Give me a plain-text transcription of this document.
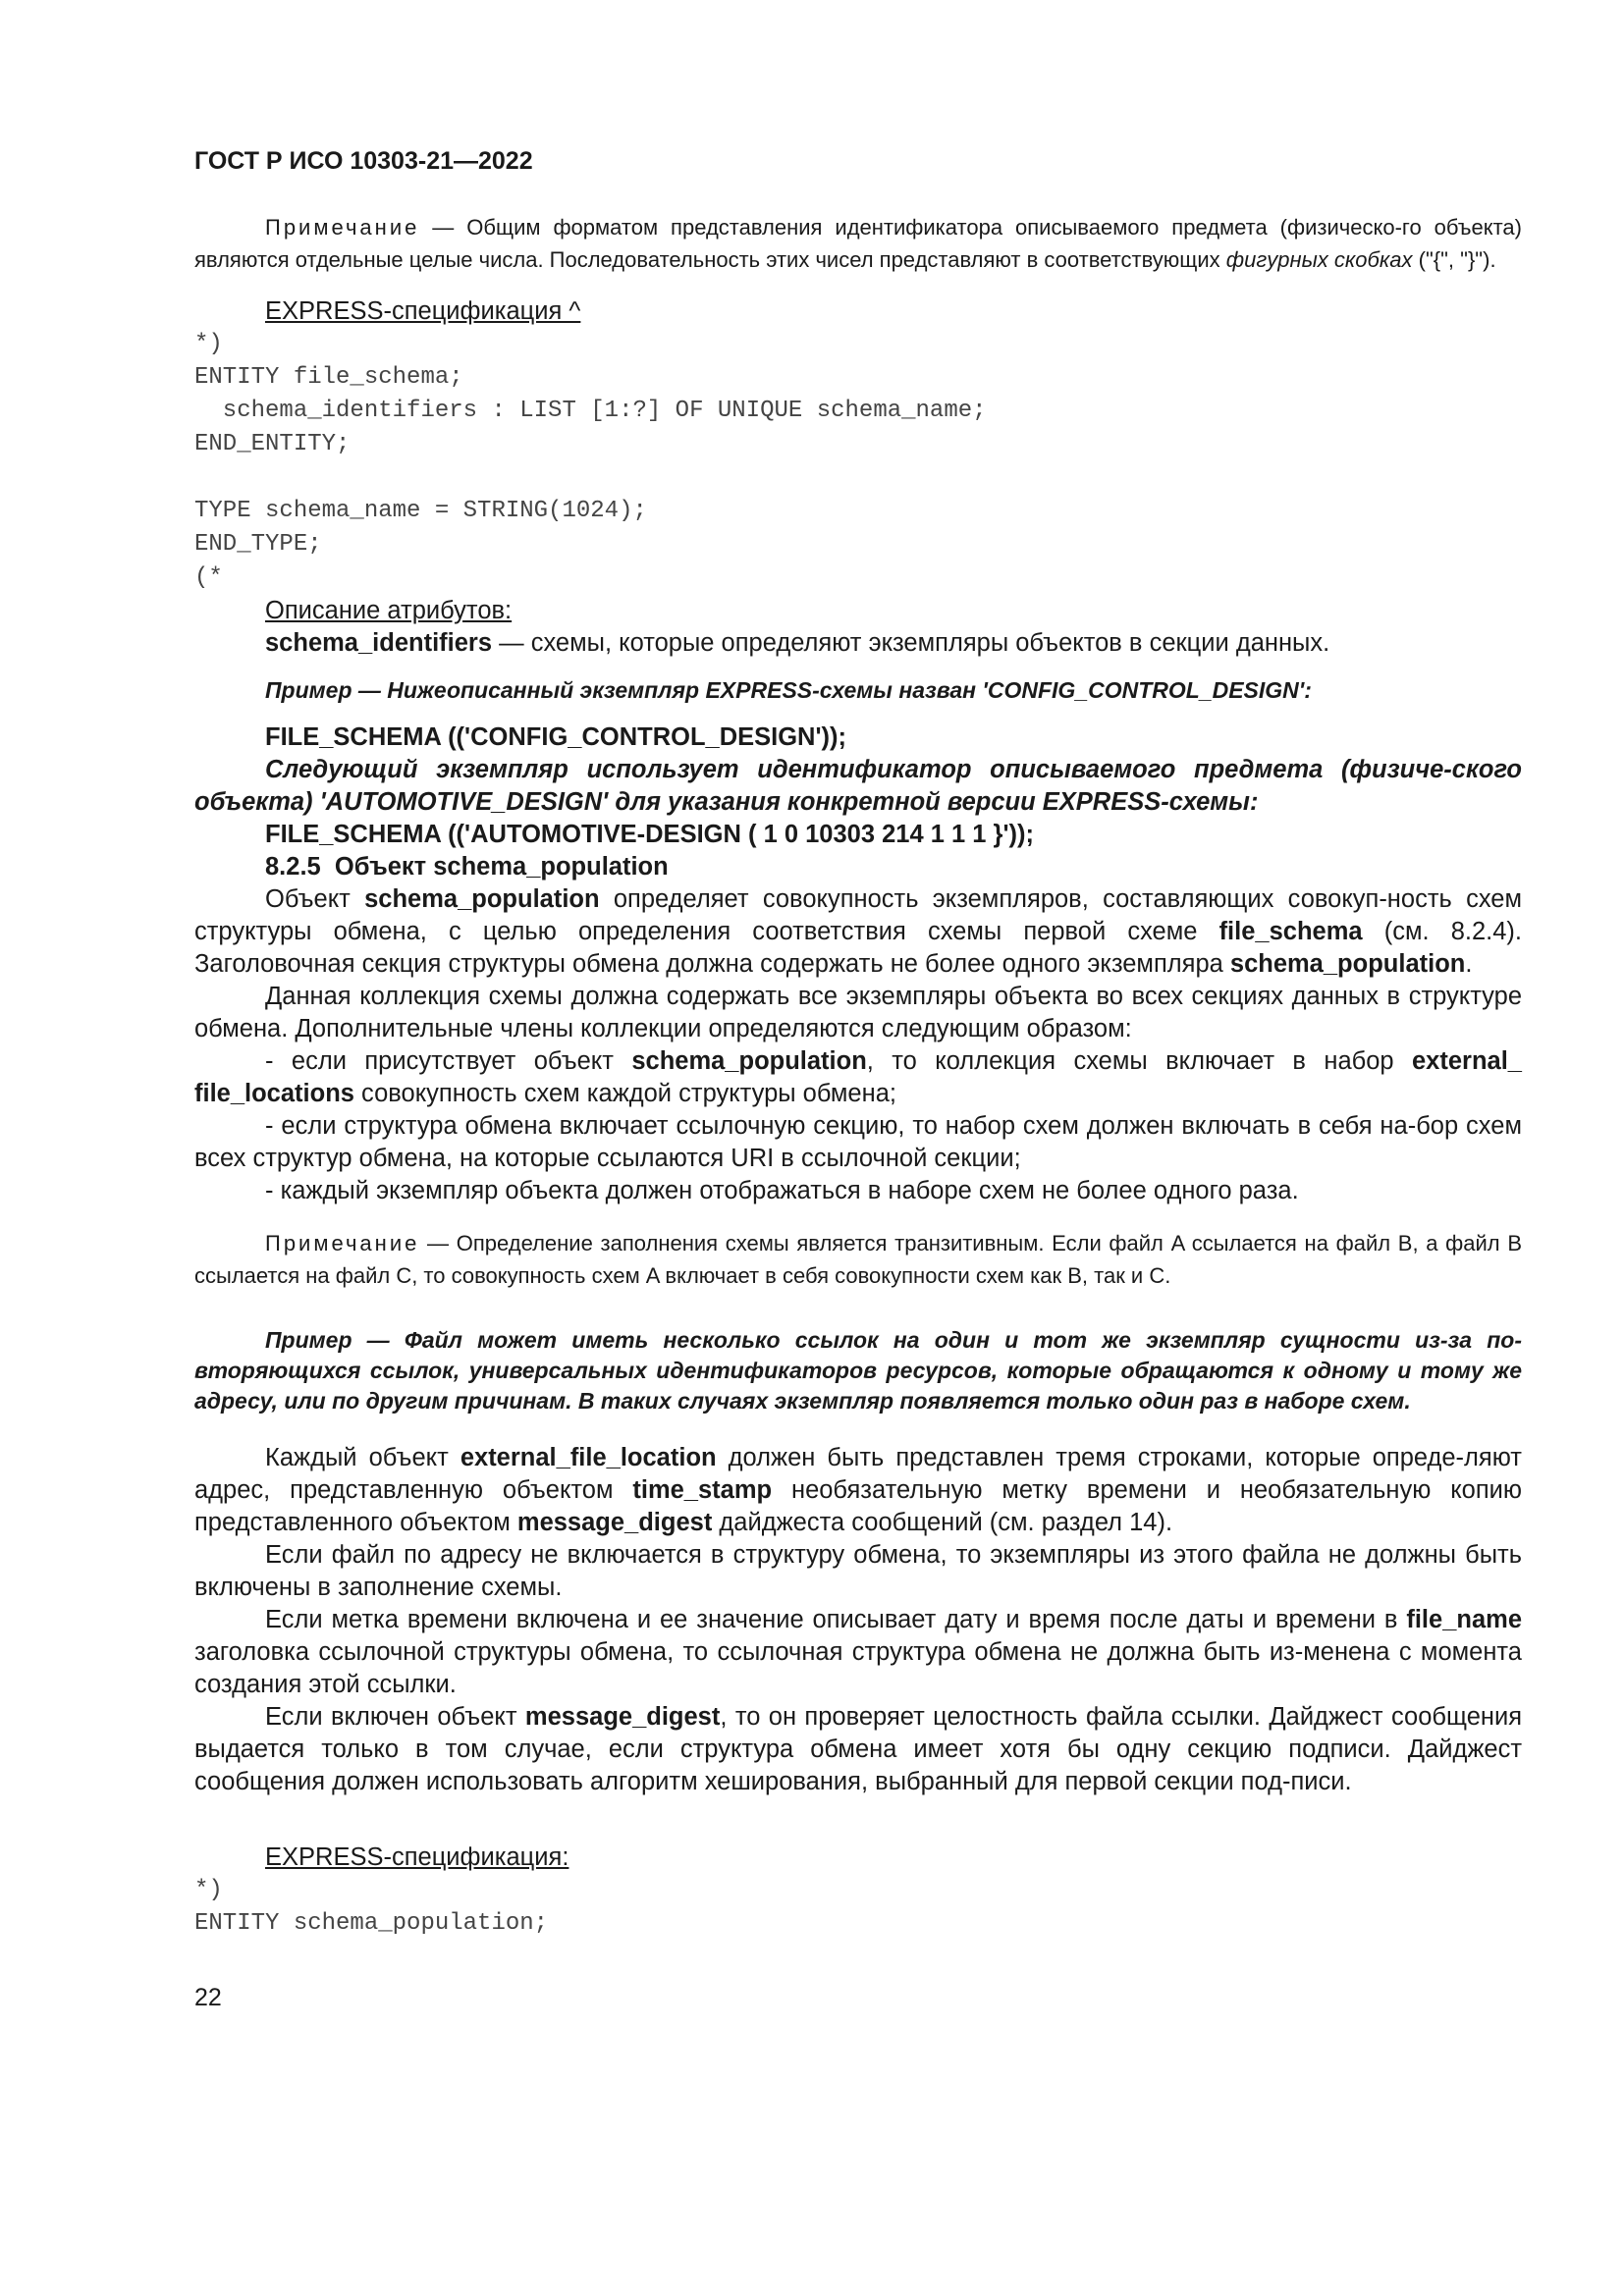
ГОСТ Р ИСО 10303-21—2022

Примечание — Общим форматом представления идентификатора описываемого предмета (физическо-го объекта) являются отдельные целые числа. Последовательность этих чисел представляют в соответствующих фигурных скобках ("{", "}").

EXPRESS-спецификация ^

*)
ENTITY file_schema;
schema_identifiers : LIST [1:?] OF UNIQUE schema_name;
END_ENTITY;

TYPE schema_name = STRING(1024);
END_TYPE;
(*

Описание атрибутов:

schema_identifiers — схемы, которые определяют экземпляры объектов в секции данных.

Пример — Нижеописанный экземпляр EXPRESS-схемы назван 'CONFIG_CONTROL_DESIGN':

FILE_SCHEMA (('CONFIG_CONTROL_DESIGN'));

Следующий экземпляр использует идентификатор описываемого предмета (физиче-ского объекта) 'AUTOMOTIVE_DESIGN' для указания конкретной версии EXPRESS-схемы:

FILE_SCHEMA (('AUTOMOTIVE-DESIGN ( 1 0 10303 214 1 1 1 }'));

8.2.5 Объект schema_population

Объект schema_population определяет совокупность экземпляров, составляющих совокуп-ность схем структуры обмена, с целью определения соответствия схемы первой схеме file_schema (см. 8.2.4). Заголовочная секция структуры обмена должна содержать не более одного экземпляра schema_population.

Данная коллекция схемы должна содержать все экземпляры объекта во всех секциях данных в структуре обмена. Дополнительные члены коллекции определяются следующим образом:

- если присутствует объект schema_population, то коллекция схемы включает в набор external_ file_locations совокупность схем каждой структуры обмена;

- если структура обмена включает ссылочную секцию, то набор схем должен включать в себя на-бор схем всех структур обмена, на которые ссылаются URI в ссылочной секции;

- каждый экземпляр объекта должен отображаться в наборе схем не более одного раза.

Примечание — Определение заполнения схемы является транзитивным. Если файл A ссылается на файл B, а файл B ссылается на файл C, то совокупность схем A включает в себя совокупности схем как B, так и C.

Пример — Файл может иметь несколько ссылок на один и тот же экземпляр сущности из-за по-вторяющихся ссылок, универсальных идентификаторов ресурсов, которые обращаются к одному и тому же адресу, или по другим причинам. В таких случаях экземпляр появляется только один раз в наборе схем.

Каждый объект external_file_location должен быть представлен тремя строками, которые опреде-ляют адрес, представленную объектом time_stamp необязательную метку времени и необязательную копию представленного объектом message_digest дайджеста сообщений (см. раздел 14).

Если файл по адресу не включается в структуру обмена, то экземпляры из этого файла не должны быть включены в заполнение схемы.

Если метка времени включена и ее значение описывает дату и время после даты и времени в file_name заголовка ссылочной структуры обмена, то ссылочная структура обмена не должна быть из-менена с момента создания этой ссылки.

Если включен объект message_digest, то он проверяет целостность файла ссылки. Дайджест сообщения выдается только в том случае, если структура обмена имеет хотя бы одну секцию подписи. Дайджест сообщения должен использовать алгоритм хеширования, выбранный для первой секции под-писи.

EXPRESS-спецификация:

*)
ENTITY schema_population;
22
